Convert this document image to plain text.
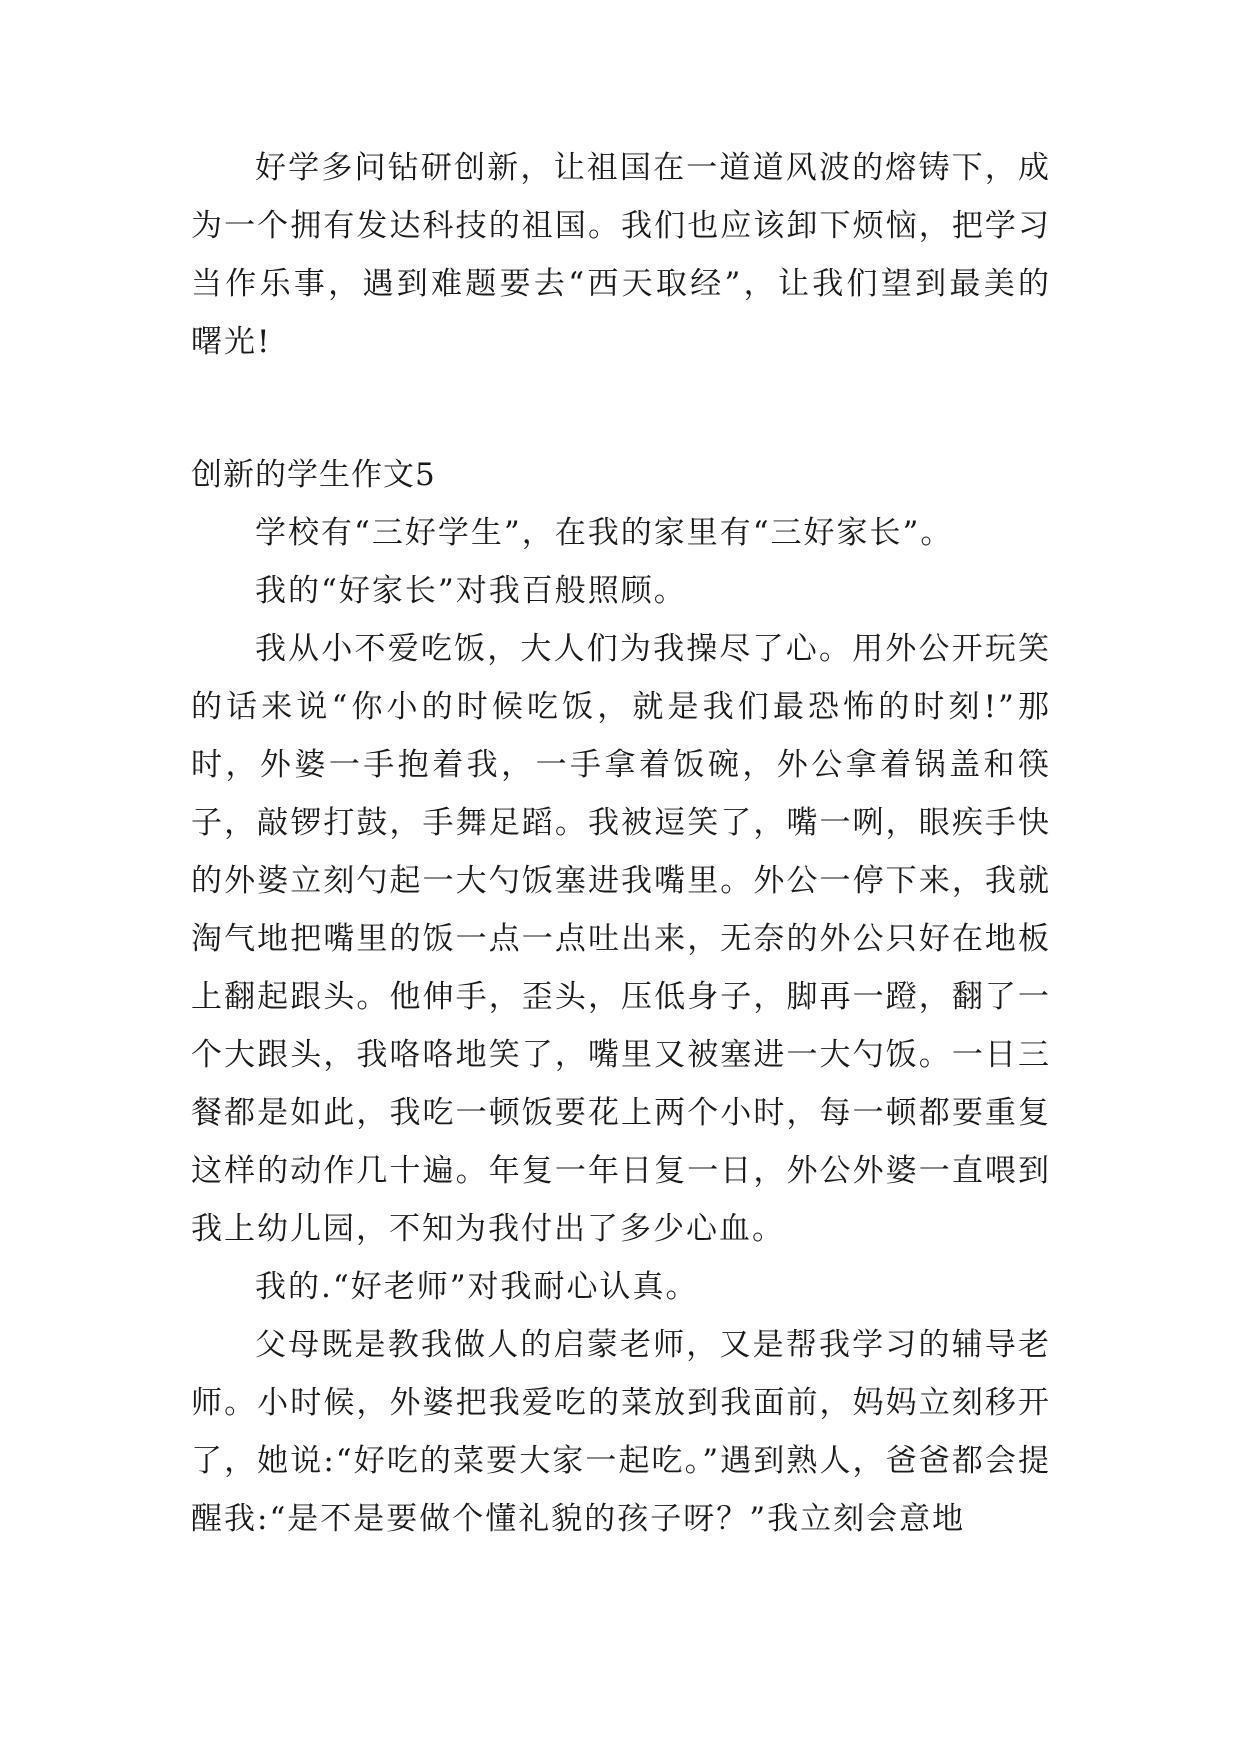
好学多问钻研创新，让祖国在一道道风波的熔铸下，成为一个拥有发达科技的祖国。我们也应该卸下烦恼，把学习当作乐事，遇到难题要去“西天取经”，让我们望到最美的曙光!

创新的学生作文5

学校有“三好学生”，在我的家里有“三好家长”。

我的“好家长”对我百般照顾。

我从小不爱吃饭，大人们为我操尽了心。用外公开玩笑的话来说“你小的时候吃饭，就是我们最恐怖的时刻!”那时，外婆一手抱着我，一手拿着饭碗，外公拿着锅盖和筷子，敲锣打鼓，手舞足蹈。我被逗笑了，嘴一咧，眼疾手快的外婆立刻勺起一大勺饭塞进我嘴里。外公一停下来，我就淘气地把嘴里的饭一点一点吐出来，无奈的外公只好在地板上翻起跟头。他伸手，歪头，压低身子，脚再一蹬，翻了一个大跟头，我咯咯地笑了，嘴里又被塞进一大勺饭。一日三餐都是如此，我吃一顿饭要花上两个小时，每一顿都要重复这样的动作几十遍。年复一年日复一日，外公外婆一直喂到我上幼儿园，不知为我付出了多少心血。

我的.“好老师”对我耐心认真。

父母既是教我做人的启蒙老师，又是帮我学习的辅导老师。小时候，外婆把我爱吃的菜放到我面前，妈妈立刻移开了，她说:“好吃的菜要大家一起吃。”遇到熟人，爸爸都会提醒我:“是不是要做个懂礼貌的孩子呀？”我立刻会意地
